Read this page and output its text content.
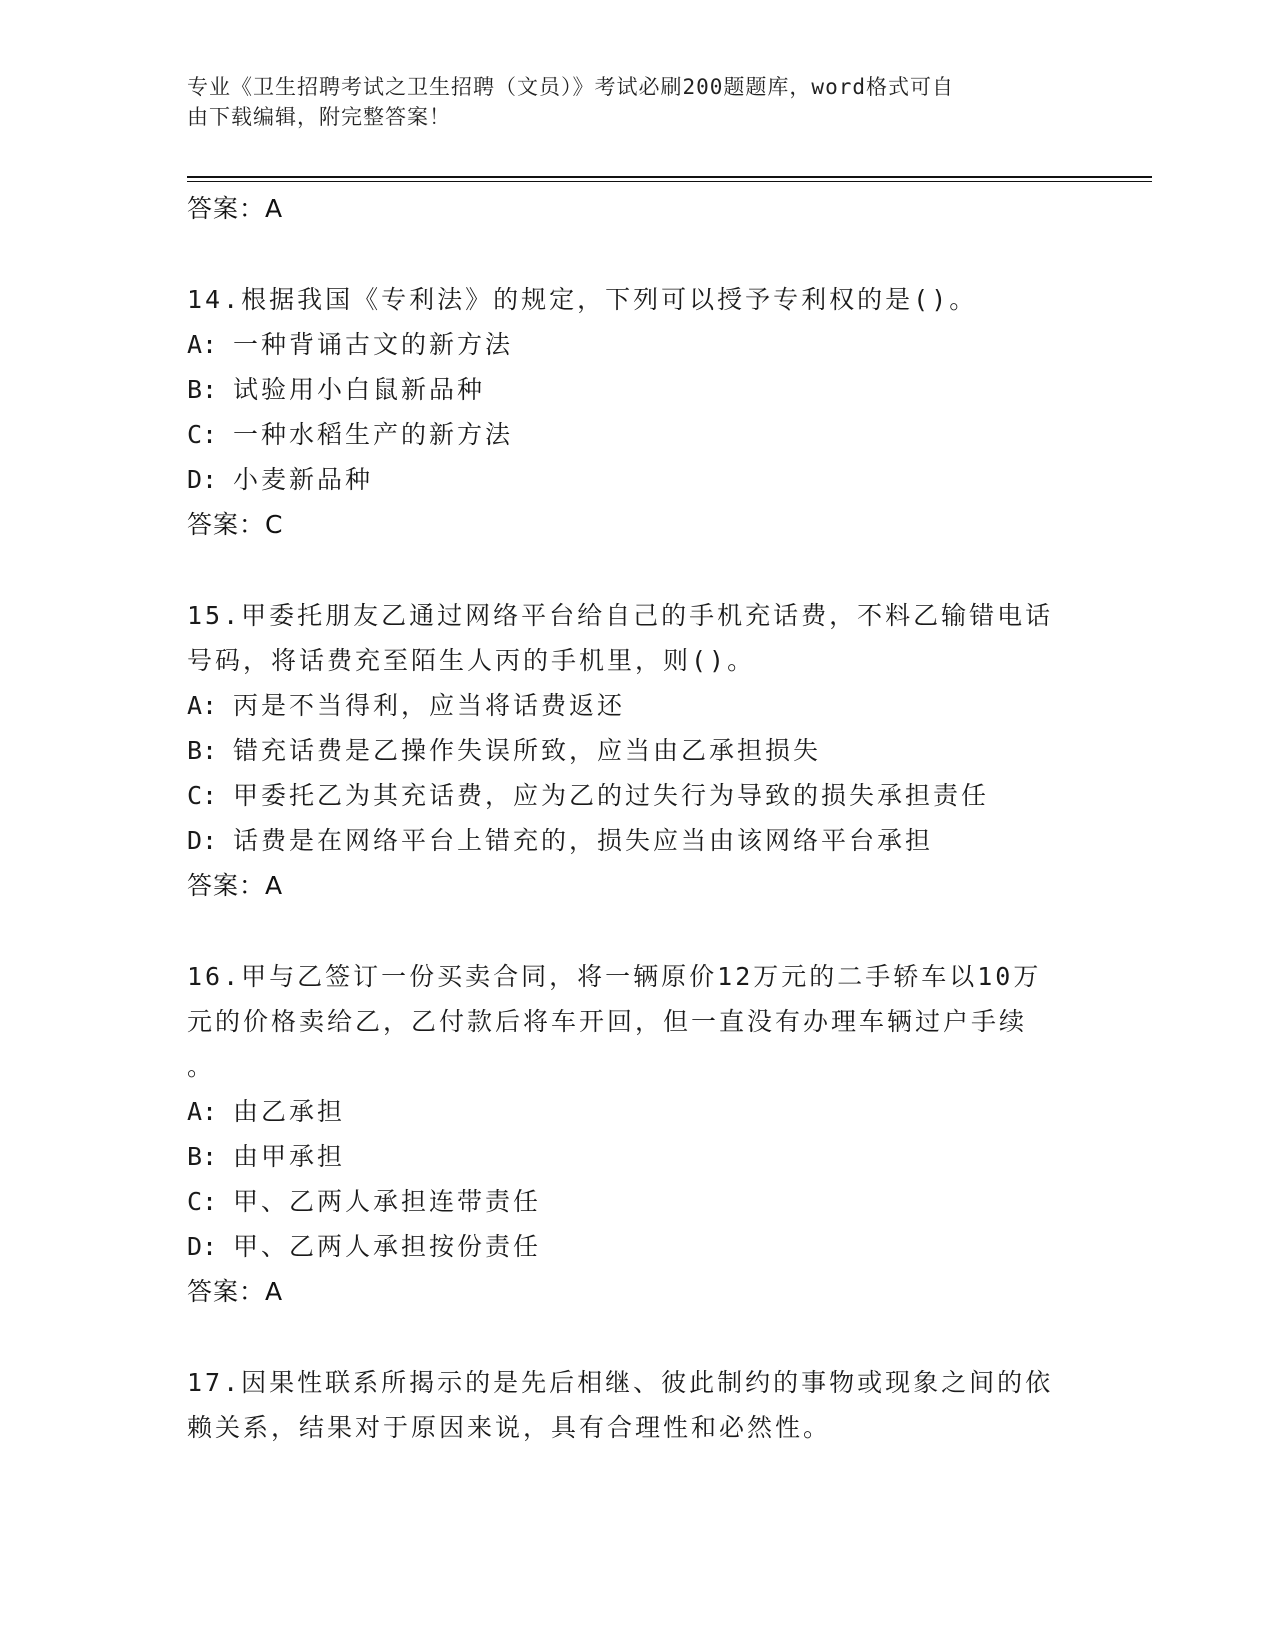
专业《卫生招聘考试之卫生招聘（文员）》考试必刷200题题库，word格式可自
由下载编辑，附完整答案！
答案：A
14.根据我国《专利法》的规定，下列可以授予专利权的是()。
A: 一种背诵古文的新方法
B: 试验用小白鼠新品种
C: 一种水稻生产的新方法
D: 小麦新品种
答案：C
15.甲委托朋友乙通过网络平台给自己的手机充话费，不料乙输错电话
号码，将话费充至陌生人丙的手机里，则()。
A: 丙是不当得利，应当将话费返还
B: 错充话费是乙操作失误所致，应当由乙承担损失
C: 甲委托乙为其充话费，应为乙的过失行为导致的损失承担责任
D: 话费是在网络平台上错充的，损失应当由该网络平台承担
答案：A
16.甲与乙签订一份买卖合同，将一辆原价12万元的二手轿车以10万
元的价格卖给乙，乙付款后将车开回，但一直没有办理车辆过户手续
。
A: 由乙承担
B: 由甲承担
C: 甲、乙两人承担连带责任
D: 甲、乙两人承担按份责任
答案：A
17.因果性联系所揭示的是先后相继、彼此制约的事物或现象之间的依
赖关系，结果对于原因来说，具有合理性和必然性。
